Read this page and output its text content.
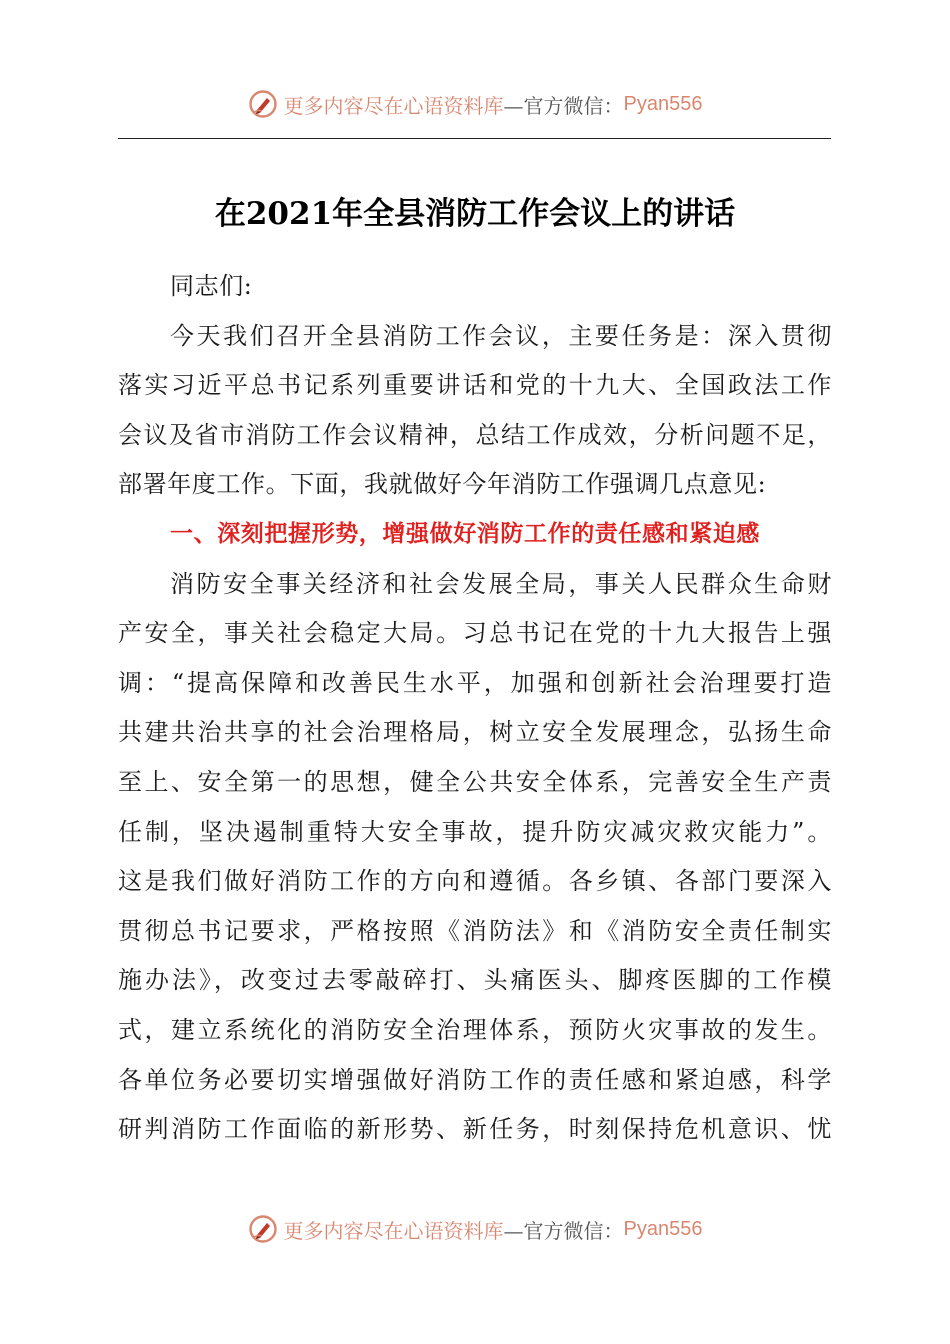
更多内容尽在心语资料库 —官方微信： Pyan556
在2021年全县消防工作会议上的讲话
同志们:
今天我们召开全县消防工作会议，主要任务是：深入贯彻
落实习近平总书记系列重要讲话和党的十九大、全国政法工作
会议及省市消防工作会议精神，总结工作成效，分析问题不足，
部署年度工作。下面，我就做好今年消防工作强调几点意见:
一、深刻把握形势，增强做好消防工作的责任感和紧迫感
消防安全事关经济和社会发展全局，事关人民群众生命财
产安全，事关社会稳定大局。习总书记在党的十九大报告上强
调：“提高保障和改善民生水平，加强和创新社会治理要打造
共建共治共享的社会治理格局，树立安全发展理念，弘扬生命
至上、安全第一的思想，健全公共安全体系，完善安全生产责
任制，坚决遏制重特大安全事故，提升防灾减灾救灾能力”。
这是我们做好消防工作的方向和遵循。各乡镇、各部门要深入
贯彻总书记要求，严格按照《消防法》和《消防安全责任制实
施办法》，改变过去零敲碎打、头痛医头、脚疼医脚的工作模
式，建立系统化的消防安全治理体系，预防火灾事故的发生。
各单位务必要切实增强做好消防工作的责任感和紧迫感，科学
研判消防工作面临的新形势、新任务，时刻保持危机意识、忧
更多内容尽在心语资料库 —官方微信： Pyan556
